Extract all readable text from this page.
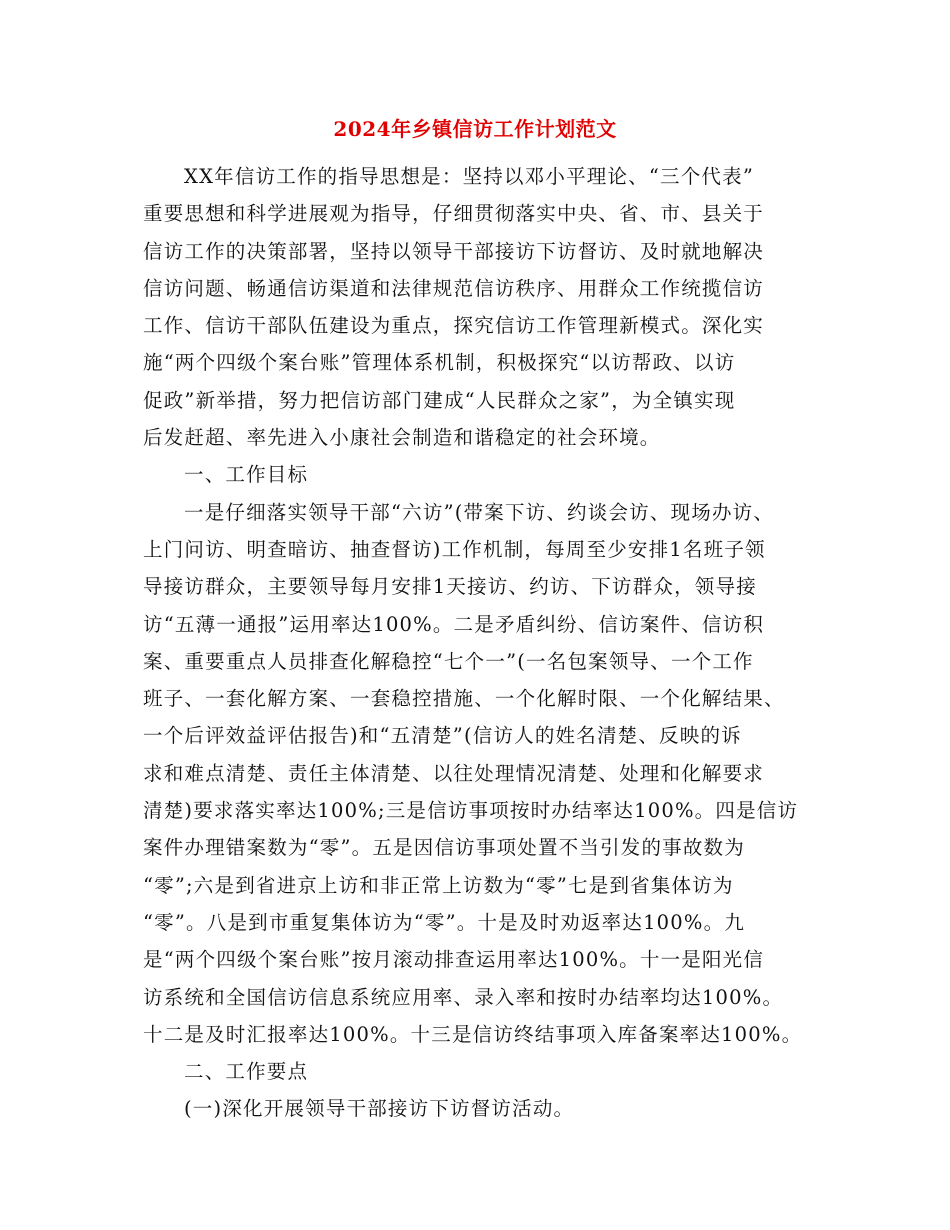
2024年乡镇信访工作计划范文
XX年信访工作的指导思想是：坚持以邓小平理论、“三个代表”
重要思想和科学进展观为指导，仔细贯彻落实中央、省、市、县关于
信访工作的决策部署，坚持以领导干部接访下访督访、及时就地解决
信访问题、畅通信访渠道和法律规范信访秩序、用群众工作统揽信访
工作、信访干部队伍建设为重点，探究信访工作管理新模式。深化实
施“两个四级个案台账”管理体系机制，积极探究“以访帮政、以访
促政”新举措，努力把信访部门建成“人民群众之家”，为全镇实现
后发赶超、率先进入小康社会制造和谐稳定的社会环境。
一、工作目标
一是仔细落实领导干部“六访”(带案下访、约谈会访、现场办访、
上门问访、明查暗访、抽查督访)工作机制，每周至少安排1名班子领
导接访群众，主要领导每月安排1天接访、约访、下访群众，领导接
访“五薄一通报”运用率达100%。二是矛盾纠纷、信访案件、信访积
案、重要重点人员排查化解稳控“七个一”(一名包案领导、一个工作
班子、一套化解方案、一套稳控措施、一个化解时限、一个化解结果、
一个后评效益评估报告)和“五清楚”(信访人的姓名清楚、反映的诉
求和难点清楚、责任主体清楚、以往处理情况清楚、处理和化解要求
清楚)要求落实率达100%;三是信访事项按时办结率达100%。四是信访
案件办理错案数为“零”。五是因信访事项处置不当引发的事故数为
“零”;六是到省进京上访和非正常上访数为“零”七是到省集体访为
“零”。八是到市重复集体访为“零”。十是及时劝返率达100%。九
是“两个四级个案台账”按月滚动排查运用率达100%。十一是阳光信
访系统和全国信访信息系统应用率、录入率和按时办结率均达100%。
十二是及时汇报率达100%。十三是信访终结事项入库备案率达100%。
二、工作要点
(一)深化开展领导干部接访下访督访活动。
